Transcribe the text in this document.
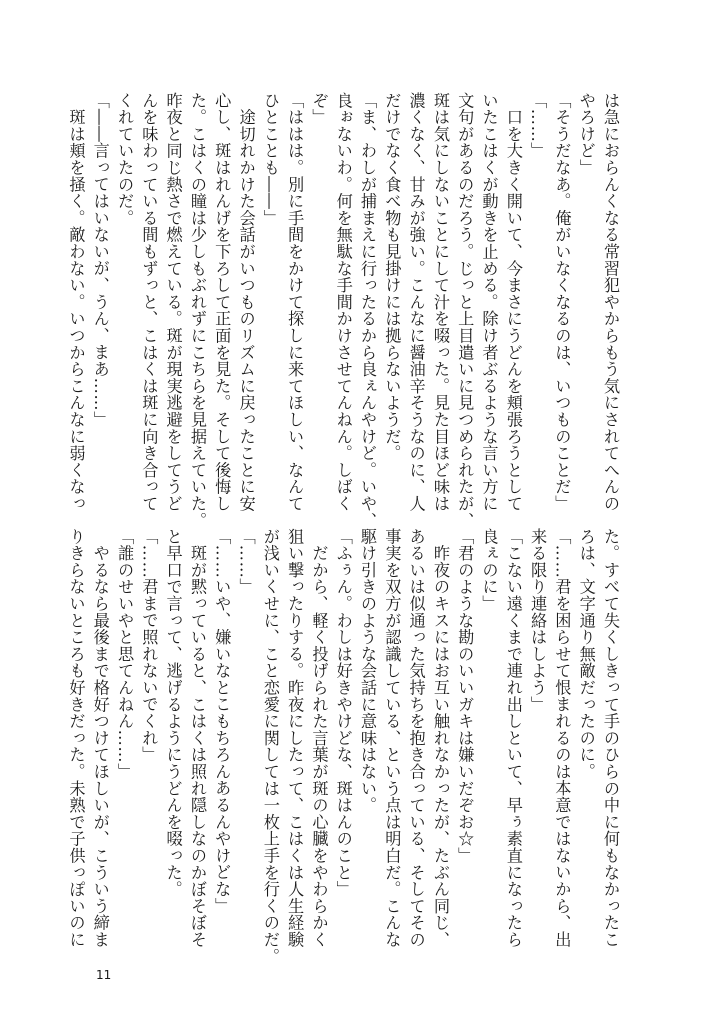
は急におらんくなる常習犯やからもう気にされてへんの
やろけど」
「そうだなあ。俺がいなくなるのは、いつものことだ」
「……」
　口を大きく開いて、今まさにうどんを頬張ろうとして
いたこはくが動きを止める。除け者ぶるような言い方に
文句があるのだろう。じっと上目遣いに見つめられたが、
斑は気にしないことにして汁を啜った。見た目ほど味は
濃くなく、甘みが強い。こんなに醤油辛そうなのに、人
だけでなく食べ物も見掛けには拠らないようだ。
「ま、わしが捕まえに行ったるから良ぇんやけど。いや、
良ぉないわ。何を無駄な手間かけさせてんねん。しばく
ぞ」
「ははは。別に手間をかけて探しに来てほしい、なんて
ひとことも――」
　途切れかけた会話がいつものリズムに戻ったことに安
心し、斑はれんげを下ろして正面を見た。そして後悔し
た。こはくの瞳は少しもぶれずにこちらを見据えていた。
昨夜と同じ熱さで燃えている。斑が現実逃避をしてうど
んを味わっている間もずっと、こはくは斑に向き合って
くれていたのだ。
「――言ってはいないが、うん、まあ……」
　斑は頬を掻く。敵わない。いつからこんなに弱くなっ
た。すべて失くしきって手のひらの中に何もなかったこ
ろは、文字通り無敵だったのに。
「……君を困らせて恨まれるのは本意ではないから、出
来る限り連絡はしよう」
「こない遠くまで連れ出しといて、早ぅ素直になったら
良ぇのに」
「君のような勘のいいガキは嫌いだぞお☆」
　昨夜のキスにはお互い触れなかったが、たぶん同じ、
あるいは似通った気持ちを抱き合っている、そしてその
事実を双方が認識している、という点は明白だ。こんな
駆け引きのような会話に意味はない。
「ふぅん。わしは好きやけどな、斑はんのこと」
　だから、軽く投げられた言葉が斑の心臓をやわらかく
狙い撃ったりする。昨夜にしたって、こはくは人生経験
が浅いくせに、こと恋愛に関しては一枚上手を行くのだ。
「……」
「……いや、嫌いなとこもちろんあるんやけどな」
　斑が黙っていると、こはくは照れ隠しなのかぼそぼそ
と早口で言って、逃げるようにうどんを啜った。
「……君まで照れないでくれ」
「誰のせいやと思てんねん……」
　やるなら最後まで格好つけてほしいが、こういう締ま
りきらないところも好きだった。未熟で子供っぽいのに
11
